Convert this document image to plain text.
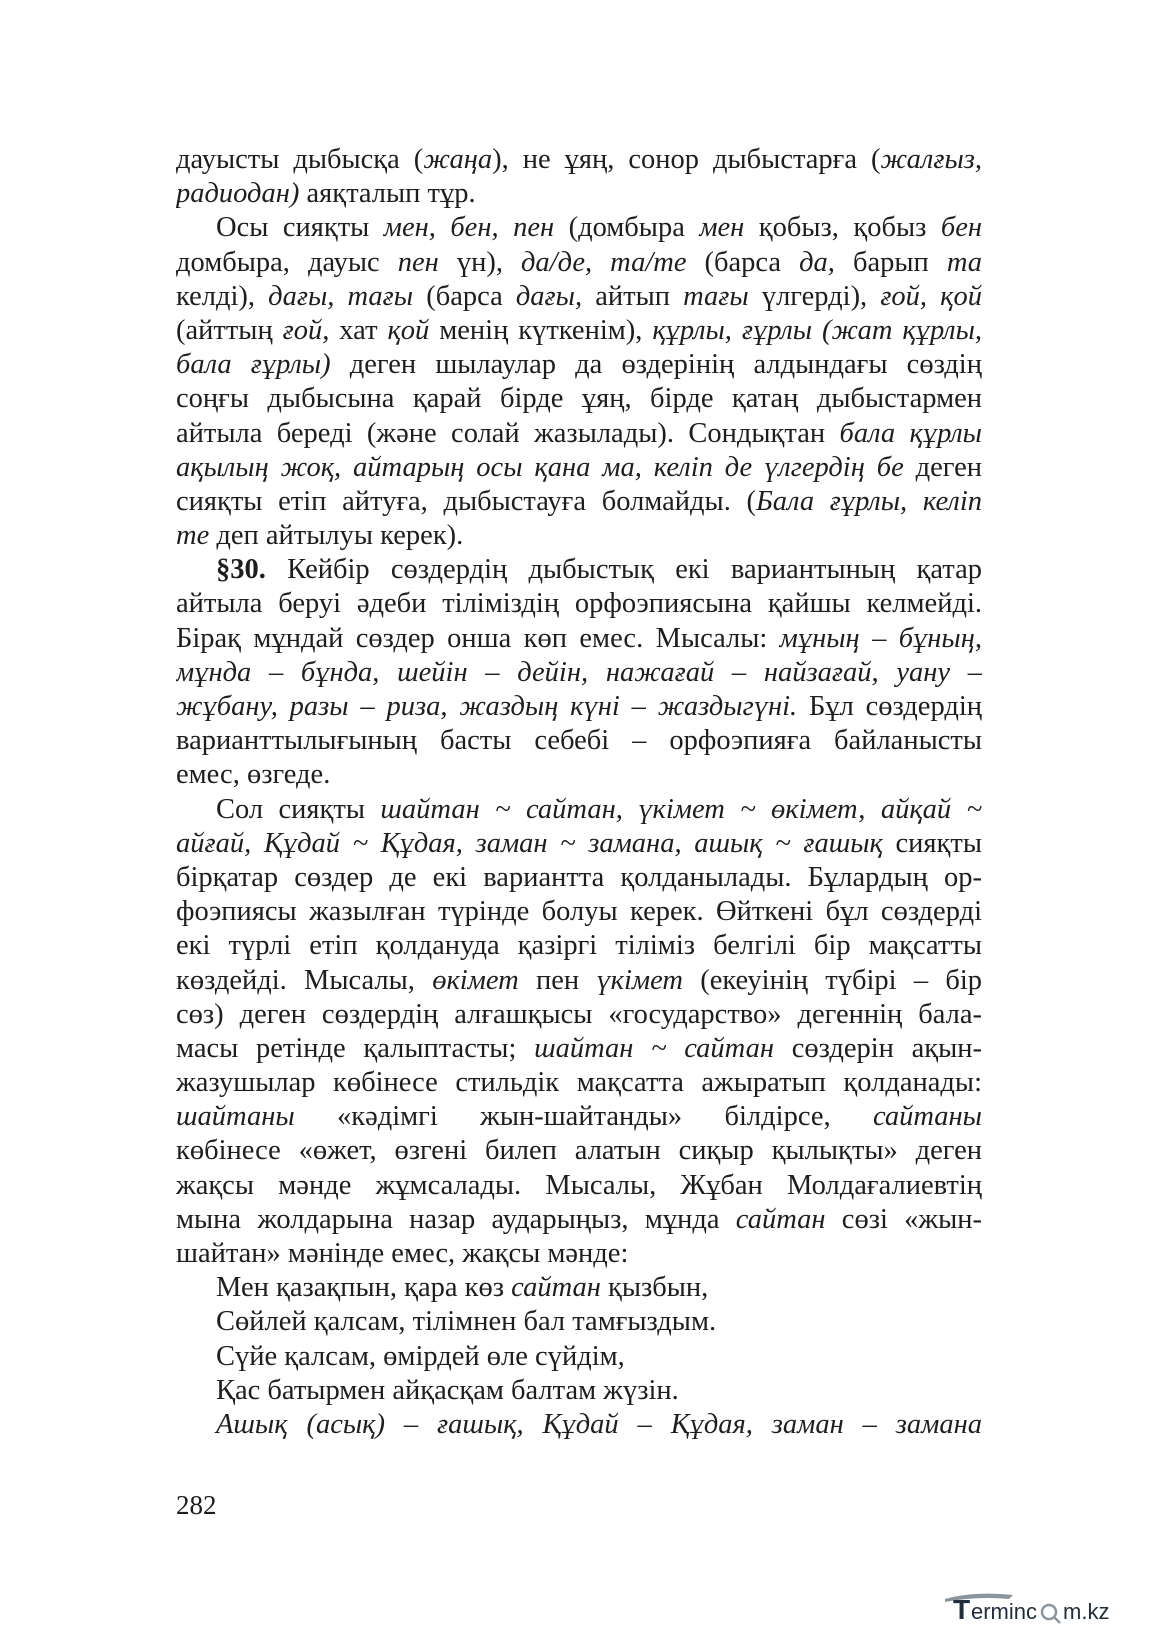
дауысты дыбысқа (жаңа), не ұяң, сонор дыбыстарға (жалғыз,
радиодан) аяқталып тұр.
Осы сияқты мен, бен, пен (домбыра мен қобыз, қобыз бен
домбыра, дауыс пен үн), да/де, та/те (барса да, барып та
келді), дағы, тағы (барса дағы, айтып тағы үлгерді), ғой, қой
(айттың ғой, хат қой менің күткенім), құрлы, ғұрлы (жат құрлы,
бала ғұрлы) деген шылаулар да өздерінің алдындағы сөздің
соңғы дыбысына қарай бірде ұяң, бірде қатаң дыбыстармен
айтыла береді (және солай жазылады). Сондықтан бала құрлы
ақылың жоқ, айтарың осы қана ма, келіп де үлгердің бе деген
сияқты етіп айтуға, дыбыстауға болмайды. (Бала ғұрлы, келіп
те деп айтылуы керек).
§30. Кейбір сөздердің дыбыстық екі вариантының қатар
айтыла беруі әдеби тіліміздің орфоэпиясына қайшы келмейді.
Бірақ мұндай сөздер онша көп емес. Мысалы: мұның – бұның,
мұнда – бұнда, шейін – дейін, нажағай – найзағай, уану –
жұбану, разы – риза, жаздың күні – жаздыгүні. Бұл сөздердің
варианттылығының басты себебі – орфоэпияға байланысты
емес, өзгеде.
Сол сияқты шайтан ~ сайтан, үкімет ~ өкімет, айқай ~
айғай, Құдай ~ Құдая, заман ~ замана, ашық ~ ғашық сияқты
бірқатар сөздер де екі вариантта қолданылады. Бұлардың ор-
фоэпиясы жазылған түрінде болуы керек. Өйткені бұл сөздерді
екі түрлі етіп қолдануда қазіргі тіліміз белгілі бір мақсатты
көздейді. Мысалы, өкімет пен үкімет (екеуінің түбірі – бір
сөз) деген сөздердің алғашқысы «государство» дегеннің бала-
масы ретінде қалыптасты; шайтан ~ сайтан сөздерін ақын-
жазушылар көбінесе стильдік мақсатта ажыратып қолданады:
шайтаны «кәдімгі жын-шайтанды» білдірсе, сайтаны
көбінесе «өжет, өзгені билеп алатын сиқыр қылықты» деген
жақсы мәнде жұмсалады. Мысалы, Жұбан Молдағалиевтің
мына жолдарына назар аударыңыз, мұнда сайтан сөзі «жын-
шайтан» мәнінде емес, жақсы мәнде:
Мен қазақпын, қара көз сайтан қызбын,
Сөйлей қалсам, тілімнен бал тамғыздым.
Сүйе қалсам, өмірдей өле сүйдім,
Қас батырмен айқасқам балтам жүзін.
Ашық (асық) – ғашық, Құдай – Құдая, заман – замана
282
T erminc m.kz
